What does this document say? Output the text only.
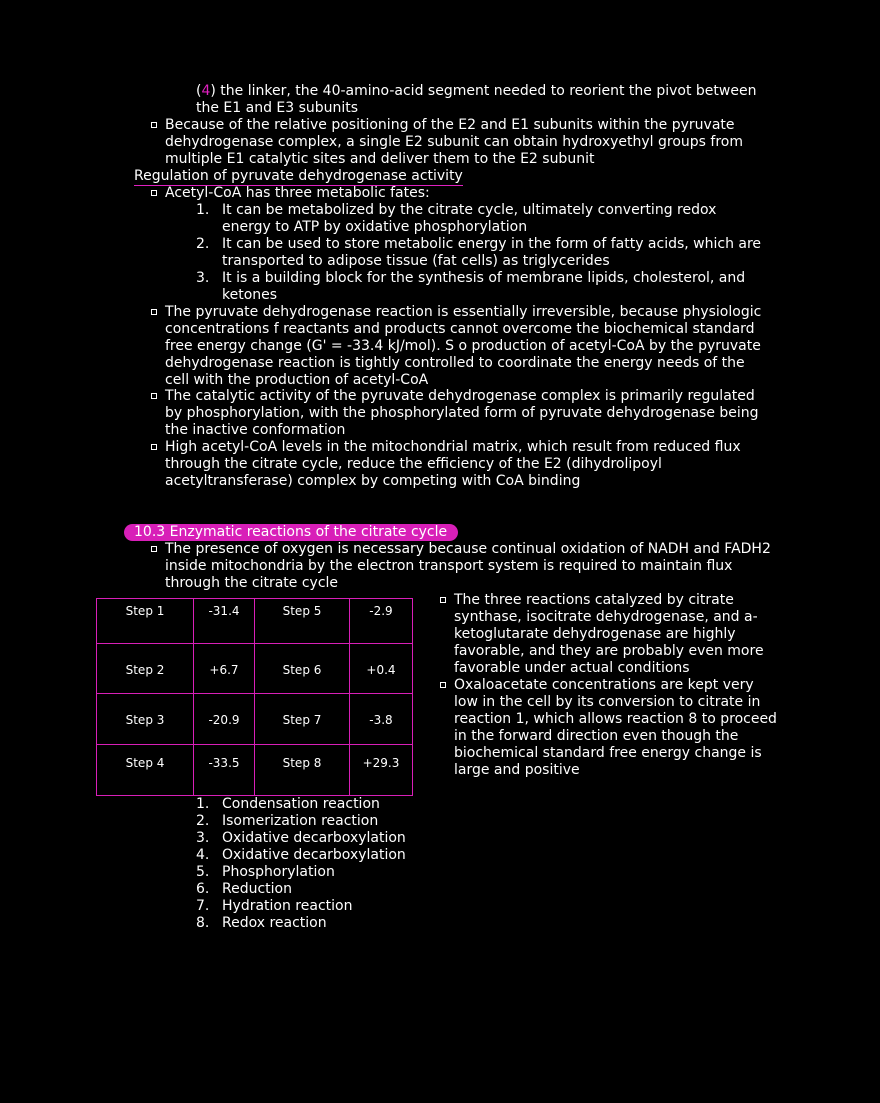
(4) the linker, the 40-amino-acid segment needed to reorient the pivot between
the E1 and E3 subunits
Because of the relative positioning of the E2 and E1 subunits within the pyruvate
dehydrogenase complex, a single E2 subunit can obtain hydroxyethyl groups from
multiple E1 catalytic sites and deliver them to the E2 subunit
Regulation of pyruvate dehydrogenase activity
Acetyl-CoA has three metabolic fates:
1. It can be metabolized by the citrate cycle, ultimately converting redox
energy to ATP by oxidative phosphorylation
2. It can be used to store metabolic energy in the form of fatty acids, which are
transported to adipose tissue (fat cells) as triglycerides
3. It is a building block for the synthesis of membrane lipids, cholesterol, and
ketones
The pyruvate dehydrogenase reaction is essentially irreversible, because physiologic
concentrations f reactants and products cannot overcome the biochemical standard
free energy change (G' = -33.4 kJ/mol). S o production of acetyl-CoA by the pyruvate
dehydrogenase reaction is tightly controlled to coordinate the energy needs of the
cell with the production of acetyl-CoA
The catalytic activity of the pyruvate dehydrogenase complex is primarily regulated
by phosphorylation, with the phosphorylated form of pyruvate dehydrogenase being
the inactive conformation
High acetyl-CoA levels in the mitochondrial matrix, which result from reduced flux
through the citrate cycle, reduce the efficiency of the E2 (dihydrolipoyl
acetyltransferase) complex by competing with CoA binding
10.3 Enzymatic reactions of the citrate cycle
The presence of oxygen is necessary because continual oxidation of NADH and FADH2
inside mitochondria by the electron transport system is required to maintain flux
through the citrate cycle
Step 1	-31.4	Step 5	-2.9
Step 2	+6.7	Step 6	+0.4
Step 3	-20.9	Step 7	-3.8
Step 4	-33.5	Step 8	+29.3
The three reactions catalyzed by citrate
synthase, isocitrate dehydrogenase, and a-
ketoglutarate dehydrogenase are highly
favorable, and they are probably even more
favorable under actual conditions
Oxaloacetate concentrations are kept very
low in the cell by its conversion to citrate in
reaction 1, which allows reaction 8 to proceed
in the forward direction even though the
biochemical standard free energy change is
large and positive
1. Condensation reaction
2. Isomerization reaction
3. Oxidative decarboxylation
4. Oxidative decarboxylation
5. Phosphorylation
6. Reduction
7. Hydration reaction
8. Redox reaction
